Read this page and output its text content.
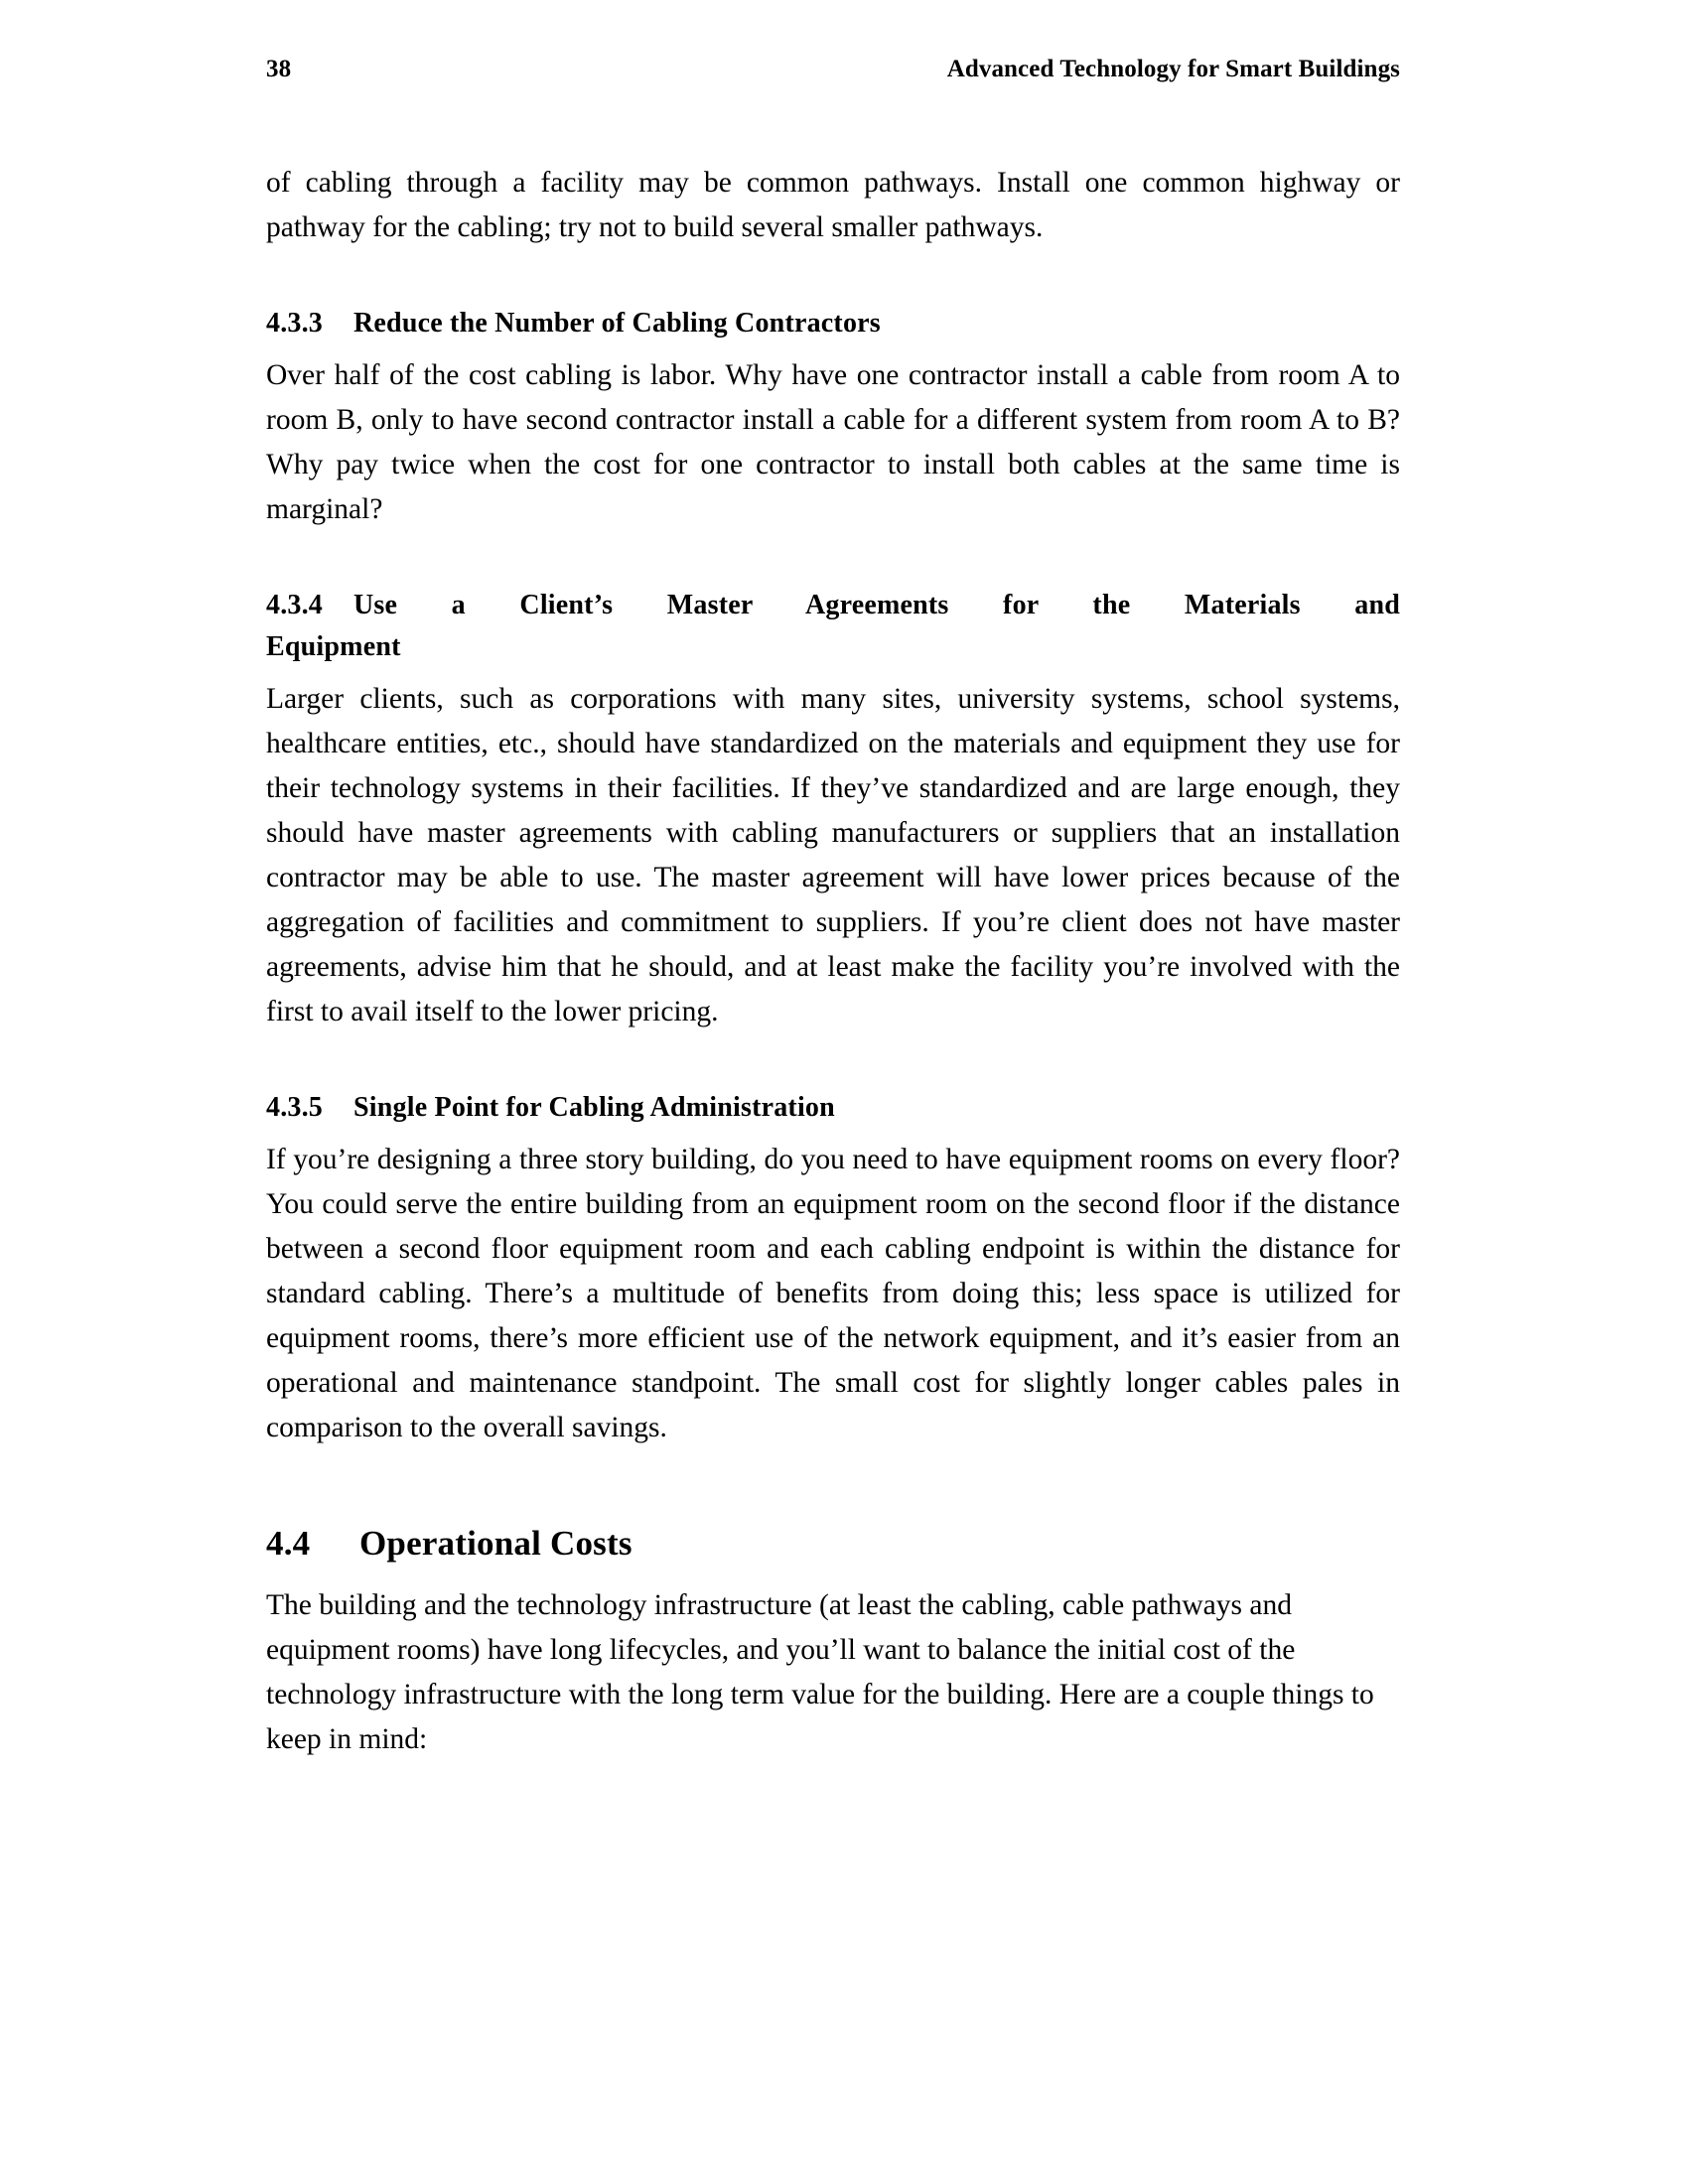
38	Advanced Technology for Smart Buildings

of cabling through a facility may be common pathways. Install one common highway or pathway for the cabling; try not to build several smaller pathways.

4.3.3 Reduce the Number of Cabling Contractors

Over half of the cost cabling is labor. Why have one contractor install a cable from room A to room B, only to have second contractor install a cable for a different system from room A to B? Why pay twice when the cost for one contractor to install both cables at the same time is marginal?

4.3.4 Use a Client’s Master Agreements for the Materials and
Equipment

Larger clients, such as corporations with many sites, university systems, school systems, healthcare entities, etc., should have standardized on the materials and equipment they use for their technology systems in their facilities. If they’ve standardized and are large enough, they should have master agreements with cabling manufacturers or suppliers that an installation contractor may be able to use. The master agreement will have lower prices because of the aggregation of facilities and commitment to suppliers. If you’re client does not have master agreements, advise him that he should, and at least make the facility you’re involved with the first to avail itself to the lower pricing.

4.3.5 Single Point for Cabling Administration

If you’re designing a three story building, do you need to have equipment rooms on every floor? You could serve the entire building from an equipment room on the second floor if the distance between a second floor equipment room and each cabling endpoint is within the distance for standard cabling. There’s a multitude of benefits from doing this; less space is utilized for equipment rooms, there’s more efficient use of the network equipment, and it’s easier from an operational and maintenance standpoint. The small cost for slightly longer cables pales in comparison to the overall savings.

4.4 Operational Costs

The building and the technology infrastructure (at least the cabling, cable pathways and equipment rooms) have long lifecycles, and you’ll want to balance the initial cost of the technology infrastructure with the long term value for the building. Here are a couple things to keep in mind:
